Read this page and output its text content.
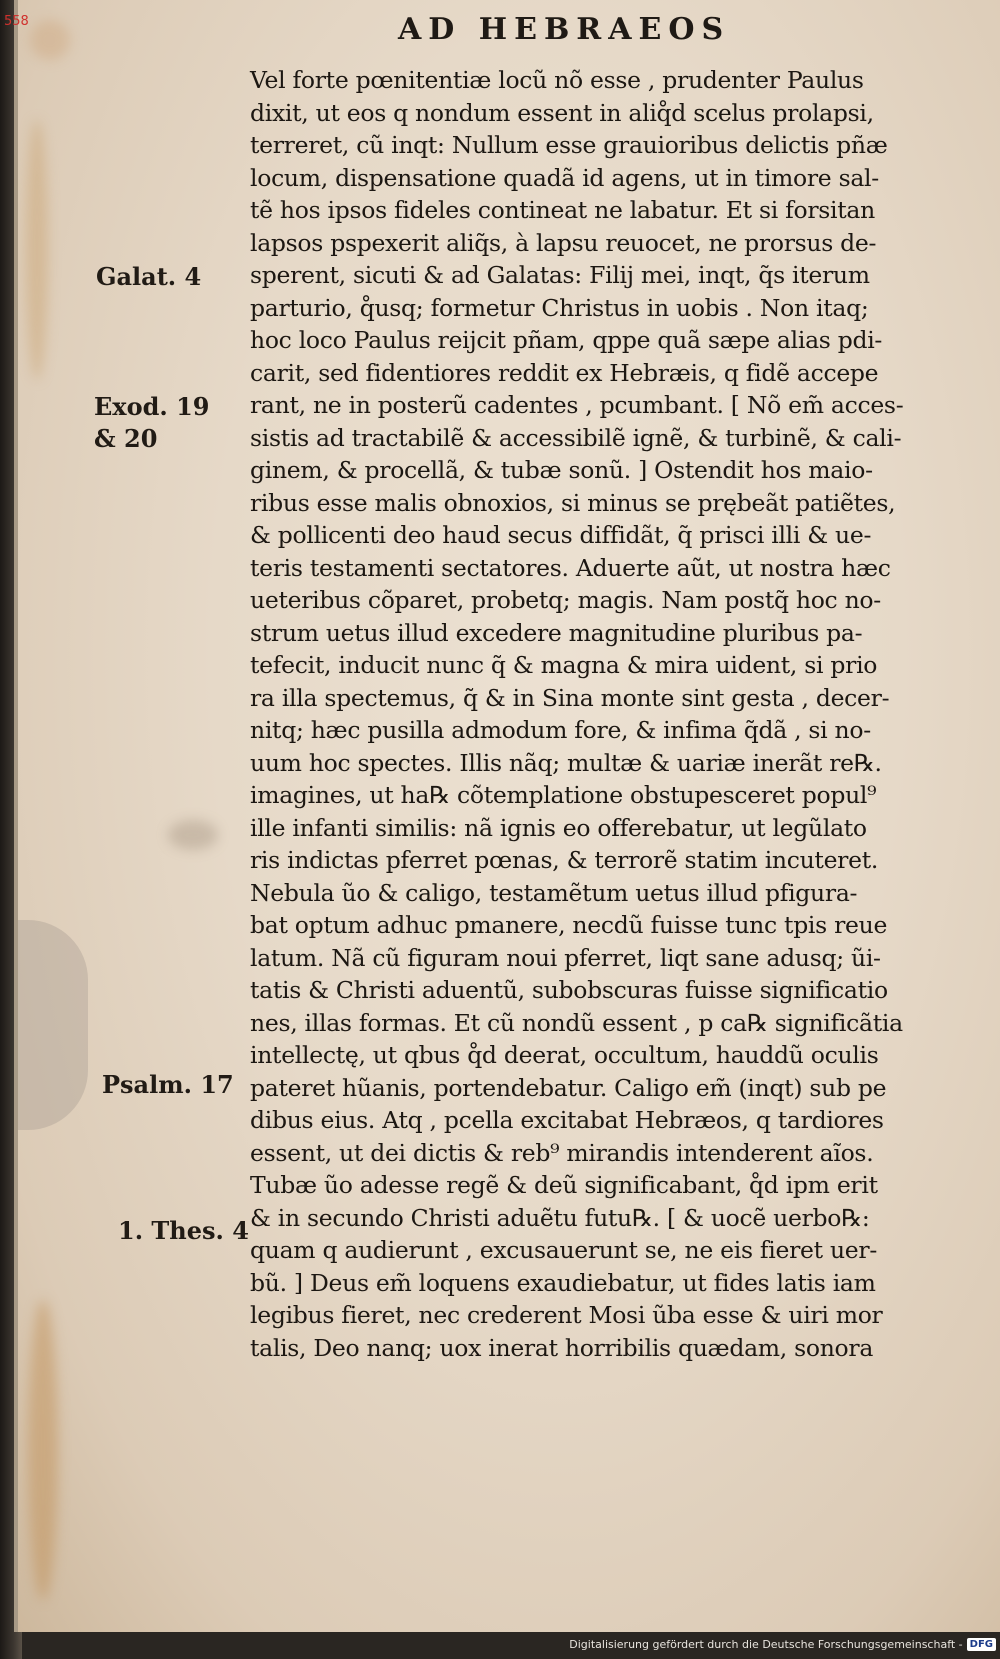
AD HEBRAEOS
Vel forte pœnitentiæ locũ nõ esse , prudenter Paulus
dixit, ut eos q nondum essent in aliq̊d scelus prolapsi,
terreret, cũ inqt: Nullum esse grauioribus delictis pñæ
locum, dispensatione quadã id agens, ut in timore sal-
tẽ hos ipsos fideles contineat ne labatur. Et si forsitan
lapsos pspexerit aliq̃s, à lapsu reuocet, ne prorsus de-
sperent, sicuti & ad Galatas: Filij mei, inqt, q̃s iterum
parturio, q̊usq; formetur Christus in uobis . Non itaq;
hoc loco Paulus reijcit pñam, qppe quã sæpe alias pdi-
carit, sed fidentiores reddit ex Hebræis, q fidẽ accepe
rant, ne in posterũ cadentes , pcumbant. [ Nõ em̃ acces-
sistis ad tractabilẽ & accessibilẽ ignẽ, & turbinẽ, & cali-
ginem, & procellã, & tubæ sonũ. ] Ostendit hos maio-
ribus esse malis obnoxios, si minus se prębeãt patiẽtes,
& pollicenti deo haud secus diffidãt, q̃ prisci illi & ue-
teris testamenti sectatores. Aduerte aũt, ut nostra hæc
ueteribus cõparet, probetq; magis. Nam postq̃ hoc no-
strum uetus illud excedere magnitudine pluribus pa-
tefecit, inducit nunc q̃ & magna & mira uident, si prio
ra illa spectemus, q̃ & in Sina monte sint gesta , decer-
nitq; hæc pusilla admodum fore, & infima q̃dã , si no-
uum hoc spectes. Illis nãq; multæ & uariæ inerãt re℞.
imagines, ut ha℞ cõtemplatione obstupesceret popul⁹
ille infanti similis: nã ignis eo offerebatur, ut legũlato
ris indictas pferret pœnas, & terrorẽ statim incuteret.
Nebula ũo & caligo, testamẽtum uetus illud pfigura-
bat optum adhuc pmanere, necdũ fuisse tunc tpis reue
latum. Nã cũ figuram noui pferret, liqt sane adusq; ũi-
tatis & Christi aduentũ, subobscuras fuisse significatio
nes, illas formas. Et cũ nondũ essent , p ca℞ significãtia
intellectę, ut qbus q̊d deerat, occultum, hauddũ oculis
pateret hũanis, portendebatur. Caligo em̃ (inqt) sub pe
dibus eius. Atq , pcella excitabat Hebræos, q tardiores
essent, ut dei dictis & reb⁹ mirandis intenderent aĩos.
Tubæ ũo adesse regẽ & deũ significabant, q̊d ipm erit
& in secundo Christi aduẽtu futu℞. [ & uocẽ uerbo℞:
quam q audierunt , excusauerunt se, ne eis fieret uer-
bũ. ] Deus em̃ loquens exaudiebatur, ut fides latis iam
legibus fieret, nec crederent Mosi ũba esse & uiri mor
talis, Deo nanq; uox inerat horribilis quædam, sonora
Galat. 4
Exod. 19
& 20
Psalm. 17
1. Thes. 4
558
Digitalisierung gefördert durch die Deutsche Forschungsgemeinschaft - DFG
